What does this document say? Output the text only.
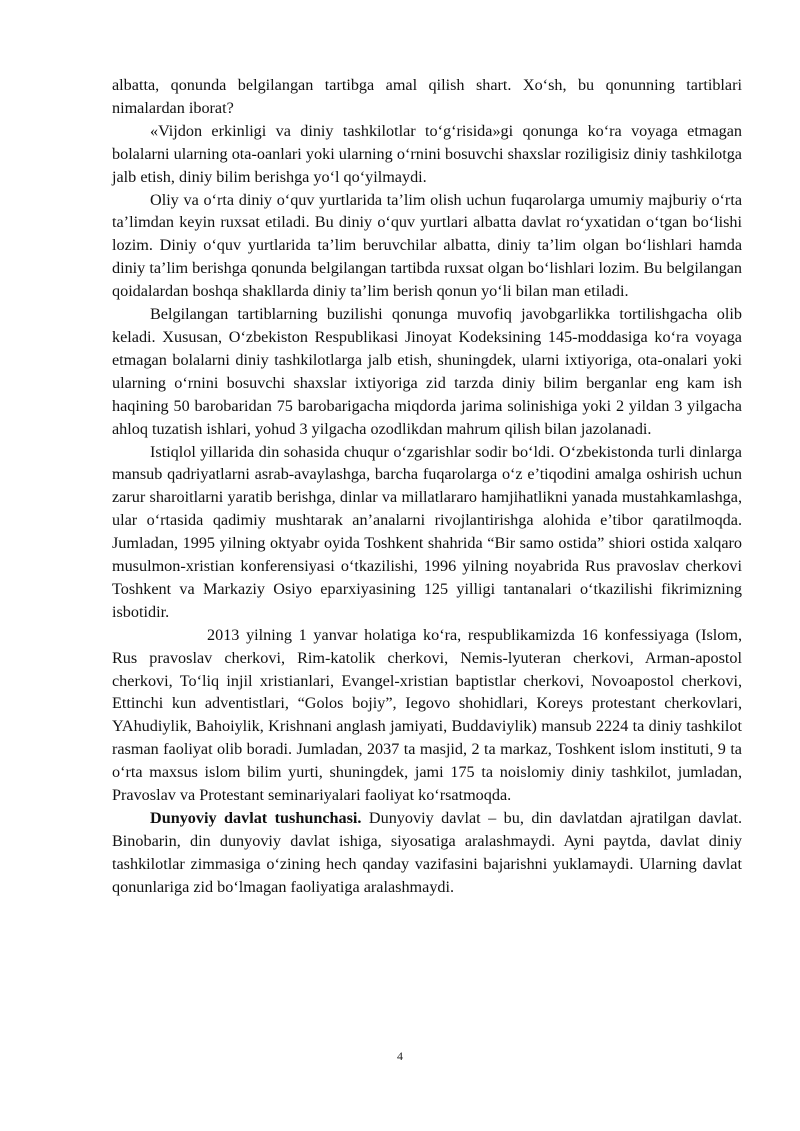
albatta, qonunda belgilangan tartibga amal qilish shart. Xo‘sh, bu qonunning tartiblari nimalardan iborat?

«Vijdon erkinligi va diniy tashkilotlar to‘g‘risida»gi qonunga ko‘ra voyaga etmagan bolalarni ularning ota-oanlari yoki ularning o‘rnini bosuvchi shaxslar roziligisiz diniy tashkilotga jalb etish, diniy bilim berishga yo‘l qo‘yilmaydi.

Oliy va o‘rta diniy o‘quv yurtlarida ta’lim olish uchun fuqarolarga umumiy majburiy o‘rta ta’limdan keyin ruxsat etiladi. Bu diniy o‘quv yurtlari albatta davlat ro‘yxatidan o‘tgan bo‘lishi lozim. Diniy o‘quv yurtlarida ta’lim beruvchilar albatta, diniy ta’lim olgan bo‘lishlari hamda diniy ta’lim berishga qonunda belgilangan tartibda ruxsat olgan bo‘lishlari lozim. Bu belgilangan qoidalardan boshqa shakllarda diniy ta’lim berish qonun yo‘li bilan man etiladi.

Belgilangan tartiblarning buzilishi qonunga muvofiq javobgarlikka tortilishgacha olib keladi. Xususan, O‘zbekiston Respublikasi Jinoyat Kodeksining 145-moddasiga ko‘ra voyaga etmagan bolalarni diniy tashkilotlarga jalb etish, shuningdek, ularni ixtiyoriga, ota-onalari yoki ularning o‘rnini bosuvchi shaxslar ixtiyoriga zid tarzda diniy bilim berganlar eng kam ish haqining 50 barobaridan 75 barobarigacha miqdorda jarima solinishiga yoki 2 yildan 3 yilgacha ahloq tuzatish ishlari, yohud 3 yilgacha ozodlikdan mahrum qilish bilan jazolanadi.

Istiqlol yillarida din sohasida chuqur o‘zgarishlar sodir bo‘ldi. O‘zbekistonda turli dinlarga mansub qadriyatlarni asrab-avaylashga, barcha fuqarolarga o‘z e’tiqodini amalga oshirish uchun zarur sharoitlarni yaratib berishga, dinlar va millatlararo hamjihatlikni yanada mustahkamlashga, ular o‘rtasida qadimiy mushtarak an’analarni rivojlantirishga alohida e’tibor qaratilmoqda. Jumladan, 1995 yilning oktyabr oyida Toshkent shahrida “Bir samo ostida” shiori ostida xalqaro musulmon-xristian konferensiyasi o‘tkazilishi, 1996 yilning noyabrida Rus pravoslav cherkovi Toshkent va Markaziy Osiyo eparxiyasining 125 yilligi tantanalari o‘tkazilishi fikrimizning isbotidir.

2013 yilning 1 yanvar holatiga ko‘ra, respublikamizda 16 konfessiyaga (Islom, Rus pravoslav cherkovi, Rim-katolik cherkovi, Nemis-lyuteran cherkovi, Arman-apostol cherkovi, To‘liq injil xristianlari, Evangel-xristian baptistlar cherkovi, Novoapostol cherkovi, Ettinchi kun adventistlari, “Golos bojiy”, Iegovo shohidlari, Koreys protestant cherkovlari, YAhudiylik, Bahoiylik, Krishnani anglash jamiyati, Buddaviylik) mansub 2224 ta diniy tashkilot rasman faoliyat olib boradi. Jumladan, 2037 ta masjid, 2 ta markaz, Toshkent islom instituti, 9 ta o‘rta maxsus islom bilim yurti, shuningdek, jami 175 ta noislomiy diniy tashkilot, jumladan, Pravoslav va Protestant seminariyalari faoliyat ko‘rsatmoqda.

Dunyoviy davlat tushunchasi. Dunyoviy davlat – bu, din davlatdan ajratilgan davlat. Binobarin, din dunyoviy davlat ishiga, siyosatiga aralashmaydi. Ayni paytda, davlat diniy tashkilotlar zimmasiga o‘zining hech qanday vazifasini bajarishni yuklamaydi. Ularning davlat qonunlariga zid bo‘lmagan faoliyatiga aralashmaydi.

4
